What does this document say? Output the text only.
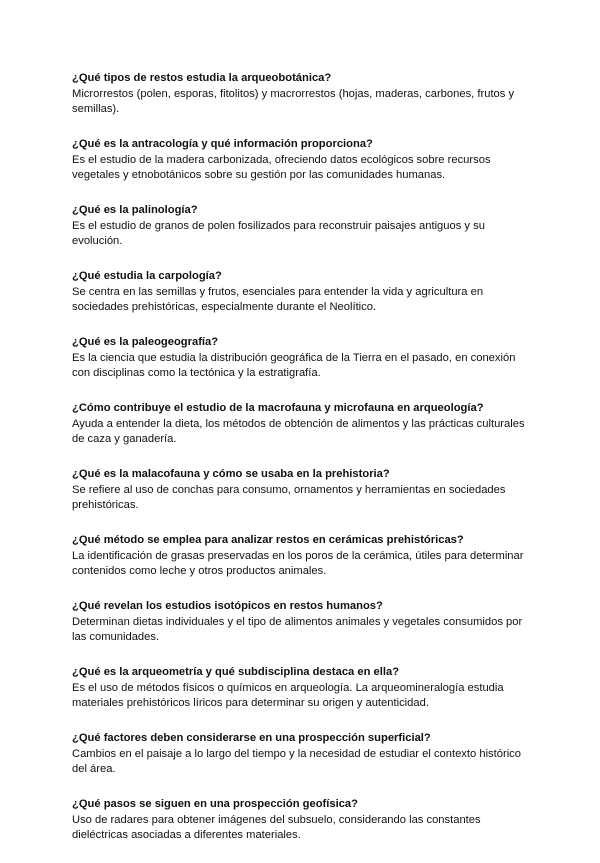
¿Qué tipos de restos estudia la arqueobotánica?

Microrrestos (polen, esporas, fitolitos) y macrorrestos (hojas, maderas, carbones, frutos y
semillas).

¿Qué es la antracología y qué información proporciona?

Es el estudio de la madera carbonizada, ofreciendo datos ecológicos sobre recursos
vegetales y etnobotánicos sobre su gestión por las comunidades humanas.

¿Qué es la palinología?

Es el estudio de granos de polen fosilizados para reconstruir paisajes antiguos y su
evolución.

¿Qué estudia la carpología?

Se centra en las semillas y frutos, esenciales para entender la vida y agricultura en
sociedades prehistóricas, especialmente durante el Neolítico.

¿Qué es la paleogeografía?

Es la ciencia que estudia la distribución geográfica de la Tierra en el pasado, en conexión
con disciplinas como la tectónica y la estratigrafía.

¿Cómo contribuye el estudio de la macrofauna y microfauna en arqueología?

Ayuda a entender la dieta, los métodos de obtención de alimentos y las prácticas culturales
de caza y ganadería.

¿Qué es la malacofauna y cómo se usaba en la prehistoria?

Se refiere al uso de conchas para consumo, ornamentos y herramientas en sociedades
prehistóricas.

¿Qué método se emplea para analizar restos en cerámicas prehistóricas?

La identificación de grasas preservadas en los poros de la cerámica, útiles para determinar
contenidos como leche y otros productos animales.

¿Qué revelan los estudios isotópicos en restos humanos?

Determinan dietas individuales y el tipo de alimentos animales y vegetales consumidos por
las comunidades.

¿Qué es la arqueometría y qué subdisciplina destaca en ella?

Es el uso de métodos físicos o químicos en arqueología. La arqueomineralogía estudia
materiales prehistóricos líricos para determinar su origen y autenticidad.

¿Qué factores deben considerarse en una prospección superficial?

Cambios en el paisaje a lo largo del tiempo y la necesidad de estudiar el contexto histórico
del área.

¿Qué pasos se siguen en una prospección geofísica?

Uso de radares para obtener imágenes del subsuelo, considerando las constantes
dieléctricas asociadas a diferentes materiales.
